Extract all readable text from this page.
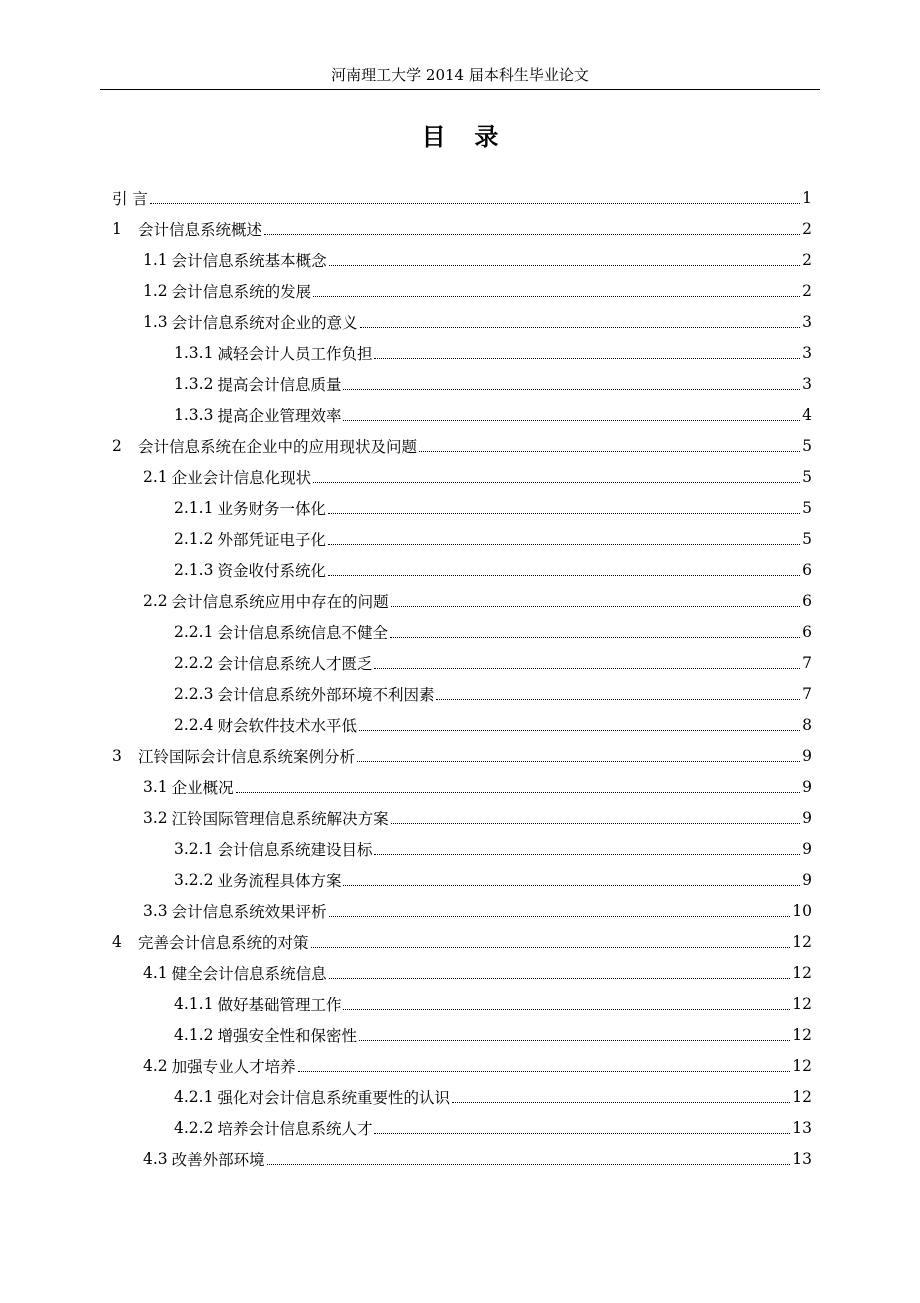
河南理工大学 2014 届本科生毕业论文
目录
引 言	1
1	会计信息系统概述	2
1.1 会计信息系统基本概念	2
1.2 会计信息系统的发展	2
1.3 会计信息系统对企业的意义	3
1.3.1 减轻会计人员工作负担	3
1.3.2 提高会计信息质量	3
1.3.3 提高企业管理效率	4
2	会计信息系统在企业中的应用现状及问题	5
2.1 企业会计信息化现状	5
2.1.1 业务财务一体化	5
2.1.2 外部凭证电子化	5
2.1.3 资金收付系统化	6
2.2 会计信息系统应用中存在的问题	6
2.2.1 会计信息系统信息不健全	6
2.2.2 会计信息系统人才匮乏	7
2.2.3 会计信息系统外部环境不利因素	7
2.2.4 财会软件技术水平低	8
3	江铃国际会计信息系统案例分析	9
3.1 企业概况	9
3.2 江铃国际管理信息系统解决方案	9
3.2.1 会计信息系统建设目标	9
3.2.2 业务流程具体方案	9
3.3 会计信息系统效果评析	10
4	完善会计信息系统的对策	12
4.1 健全会计信息系统信息	12
4.1.1 做好基础管理工作	12
4.1.2 增强安全性和保密性	12
4.2 加强专业人才培养	12
4.2.1 强化对会计信息系统重要性的认识	12
4.2.2 培养会计信息系统人才	13
4.3 改善外部环境	13
